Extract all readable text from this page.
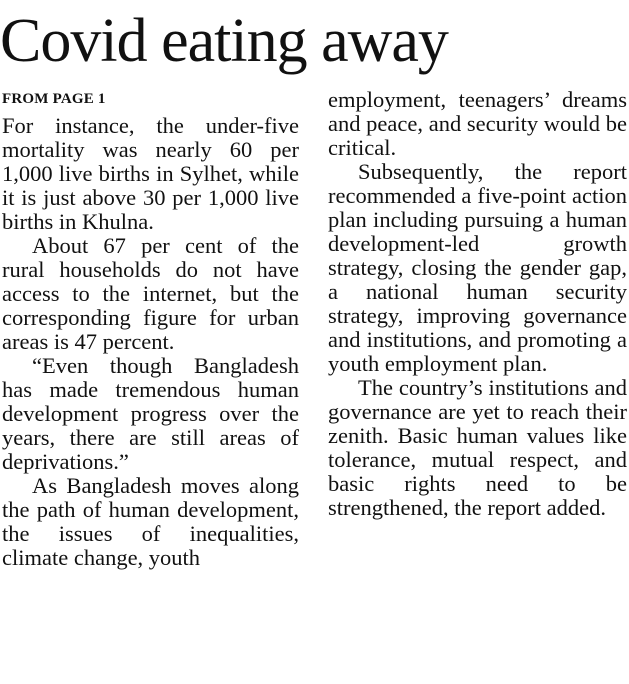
Covid eating away
FROM PAGE 1

For instance, the under-five mortality was nearly 60 per 1,000 live births in Sylhet, while it is just above 30 per 1,000 live births in Khulna.

About 67 per cent of the rural households do not have access to the internet, but the corresponding figure for urban areas is 47 percent.

“Even though Bangladesh has made tremendous human development progress over the years, there are still areas of deprivations.”

As Bangladesh moves along the path of human development, the issues of inequalities, climate change, youth

employment, teenagers’ dreams and peace, and security would be critical.

Subsequently, the report recommended a five-point action plan including pursuing a human development-led growth strategy, closing the gender gap, a national human security strategy, improving governance and institutions, and promoting a youth employment plan.

The country’s institutions and governance are yet to reach their zenith. Basic human values like tolerance, mutual respect, and basic rights need to be strengthened, the report added.
